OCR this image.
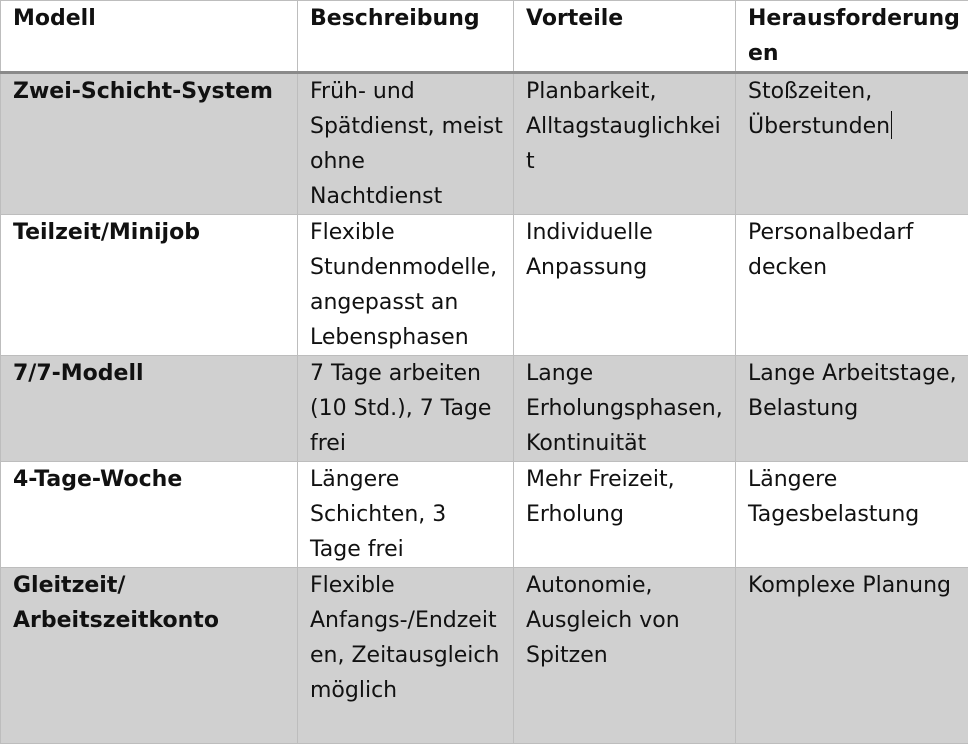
Modell	Beschreibung	Vorteile	Herausforderungen
Zwei-Schicht-System	Früh- und Spätdienst, meist ohne Nachtdienst	Planbarkeit, Alltagstauglichkeit	Stoßzeiten, Überstunden
Teilzeit/Minijob	Flexible Stundenmodelle, angepasst an Lebensphasen	Individuelle Anpassung	Personalbedarf decken
7/7-Modell	7 Tage arbeiten (10 Std.), 7 Tage frei	Lange Erholungsphasen, Kontinuität	Lange Arbeitstage, Belastung
4-Tage-Woche	Längere Schichten, 3 Tage frei	Mehr Freizeit, Erholung	Längere Tagesbelastung
Gleitzeit/ Arbeitszeitkonto	Flexible Anfangs-/Endzeiten, Zeitausgleich möglich	Autonomie, Ausgleich von Spitzen	Komplexe Planung
